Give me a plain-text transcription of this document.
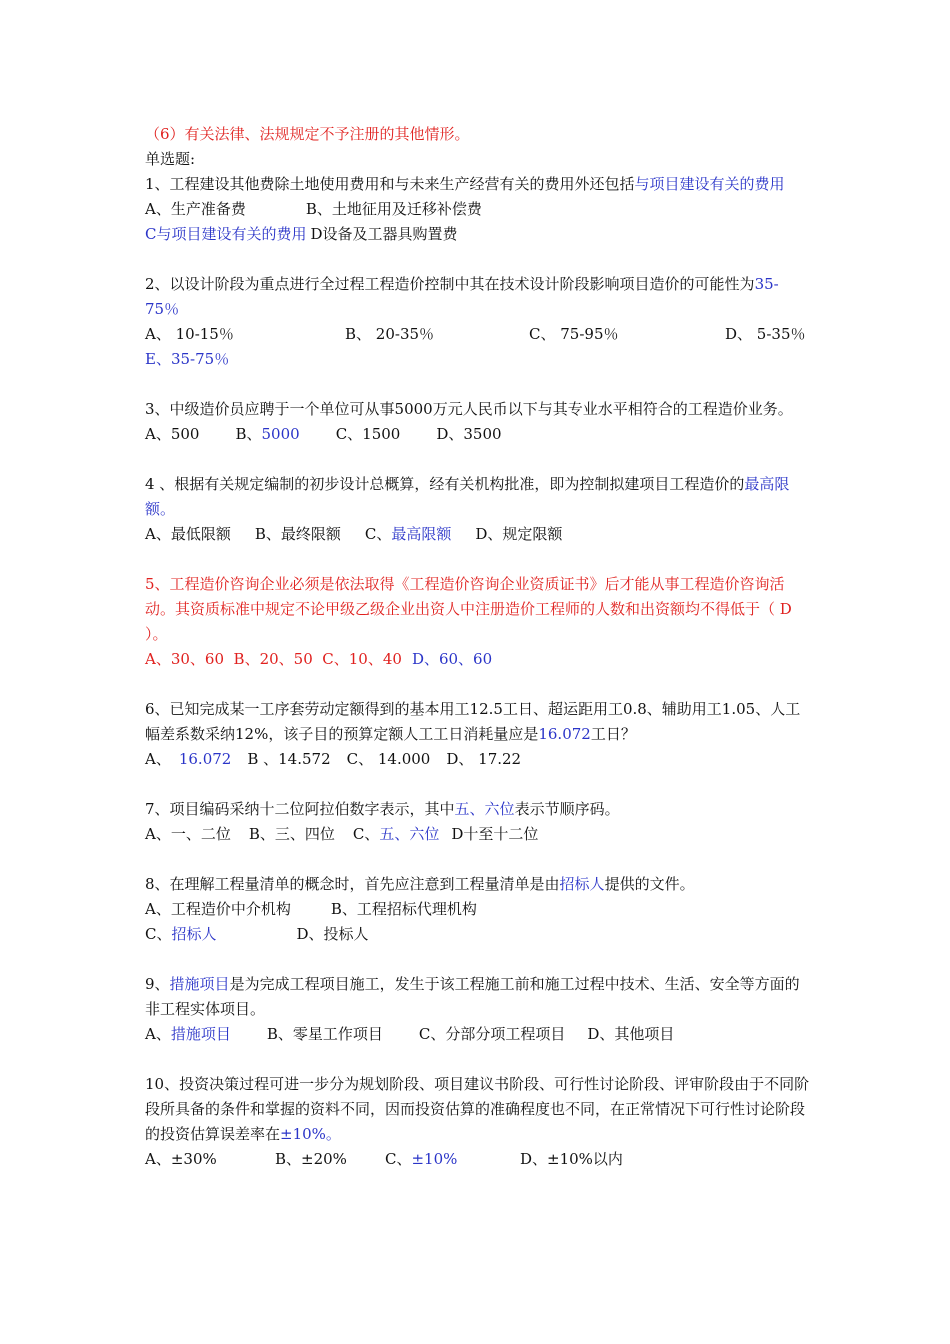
（6）有关法律、法规规定不予注册的其他情形。
单选题:
1、工程建设其他费除土地使用费用和与未来生产经营有关的费用外还包括与项目建设有关的费用
A、生产准备费	B、土地征用及迁移补偿费
C与项目建设有关的费用 D设备及工器具购置费
2、以设计阶段为重点进行全过程工程造价控制中其在技术设计阶段影响项目造价的可能性为35-75％
A、 10-15％	B、 20-35％	C、 75-95％	D、 5-35％
E、35-75％
3、中级造价员应聘于一个单位可从事5000万元人民币以下与其专业水平相符合的工程造价业务。
A、500 B、5000 C、1500 D、3500
4 、根据有关规定编制的初步设计总概算，经有关机构批准，即为控制拟建项目工程造价的最高限额。
A、最低限额 B、最终限额 C、最高限额 D、规定限额
5、工程造价咨询企业必须是依法取得《工程造价咨询企业资质证书》后才能从事工程造价咨询活动。其资质标准中规定不论甲级乙级企业出资人中注册造价工程师的人数和出资额均不得低于（ D ）。
A、30、60  B、20、50  C、10、40 D、60、60
6、已知完成某一工序套劳动定额得到的基本用工12.5工日、超运距用工0.8、辅助用工1.05、人工幅差系数采纳12%，该子目的预算定额人工工日消耗量应是16.072工日？
A、 16.072 B 、14.572 C、 14.000 D、 17.22
7、项目编码采纳十二位阿拉伯数字表示，其中五、六位表示节顺序码。
A、一、二位 B、三、四位 C、五、六位 D十至十二位
8、在理解工程量清单的概念时，首先应注意到工程量清单是由招标人提供的文件。
A、工程造价中介机构	B、工程招标代理机构
C、招标人	D、投标人
9、措施项目是为完成工程项目施工，发生于该工程施工前和施工过程中技术、生活、安全等方面的非工程实体项目。
A、措施项目 B、零星工作项目 C、分部分项工程项目 D、其他项目
10、投资决策过程可进一步分为规划阶段、项目建议书阶段、可行性讨论阶段、评审阶段由于不同阶段所具备的条件和掌握的资料不同，因而投资估算的准确程度也不同，在正常情况下可行性讨论阶段的投资估算误差率在±10%。
A、±30%	B、±20%	C、±10%	D、±10%以内
